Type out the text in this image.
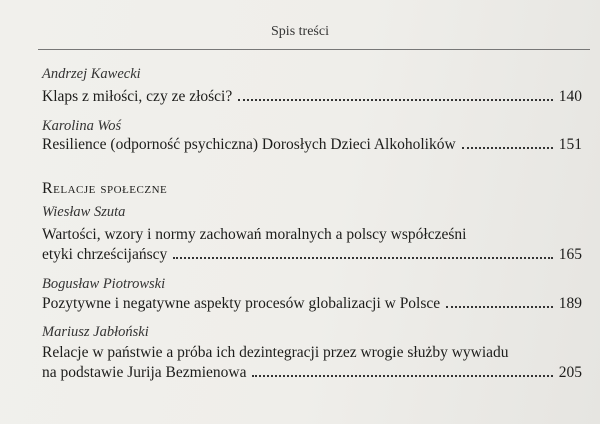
Spis treści
Andrzej Kawecki
Klaps z miłości, czy ze złości?	140
Karolina Woś
Resilience (odporność psychiczna) Dorosłych Dzieci Alkoholików	151
Relacje społeczne
Wiesław Szuta
Wartości, wzory i normy zachowań moralnych a polscy współcześni
etyki chrześcijańscy	165
Bogusław Piotrowski
Pozytywne i negatywne aspekty procesów globalizacji w Polsce	189
Mariusz Jabłoński
Relacje w państwie a próba ich dezintegracji przez wrogie służby wywiadu
na podstawie Jurija Bezmienowa	205
